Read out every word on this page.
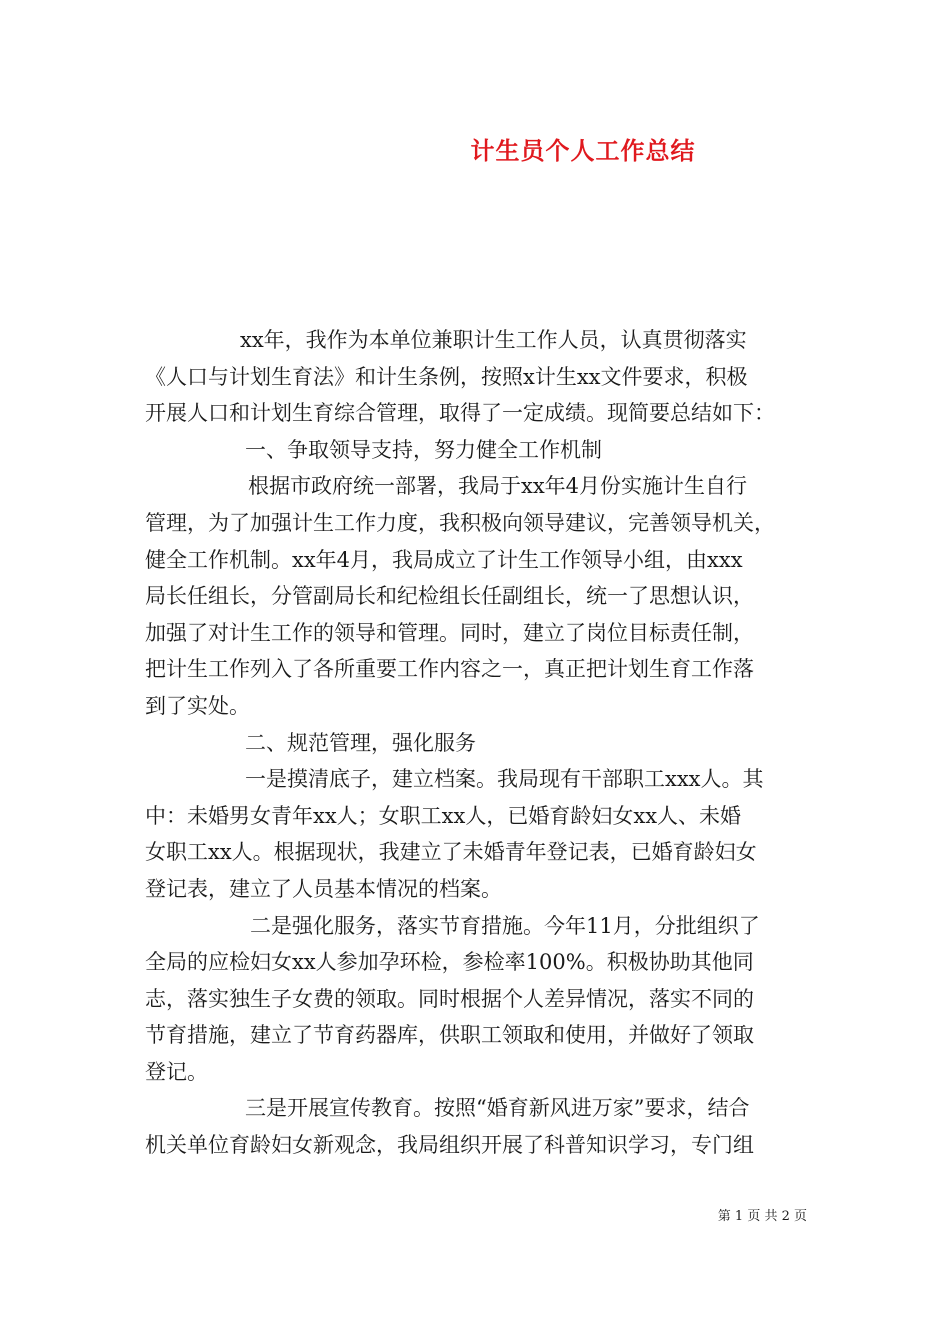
计生员个人工作总结
xx年，我作为本单位兼职计生工作人员，认真贯彻落实
《人口与计划生育法》和计生条例，按照x计生xx文件要求，积极
开展人口和计划生育综合管理，取得了一定成绩。现简要总结如下：
一、争取领导支持，努力健全工作机制
根据市政府统一部署，我局于xx年4月份实施计生自行
管理，为了加强计生工作力度，我积极向领导建议，完善领导机关，
健全工作机制。xx年4月，我局成立了计生工作领导小组，由xxx
局长任组长，分管副局长和纪检组长任副组长，统一了思想认识，
加强了对计生工作的领导和管理。同时，建立了岗位目标责任制，
把计生工作列入了各所重要工作内容之一，真正把计划生育工作落
到了实处。
二、规范管理，强化服务
一是摸清底子，建立档案。我局现有干部职工xxx人。其
中：未婚男女青年xx人；女职工xx人，已婚育龄妇女xx人、未婚
女职工xx人。根据现状，我建立了未婚青年登记表，已婚育龄妇女
登记表，建立了人员基本情况的档案。
二是强化服务，落实节育措施。今年11月，分批组织了
全局的应检妇女xx人参加孕环检，参检率100%。积极协助其他同
志，落实独生子女费的领取。同时根据个人差异情况，落实不同的
节育措施，建立了节育药器库，供职工领取和使用，并做好了领取
登记。
三是开展宣传教育。按照“婚育新风进万家”要求，结合
机关单位育龄妇女新观念，我局组织开展了科普知识学习，专门组
第 1 页 共 2 页
